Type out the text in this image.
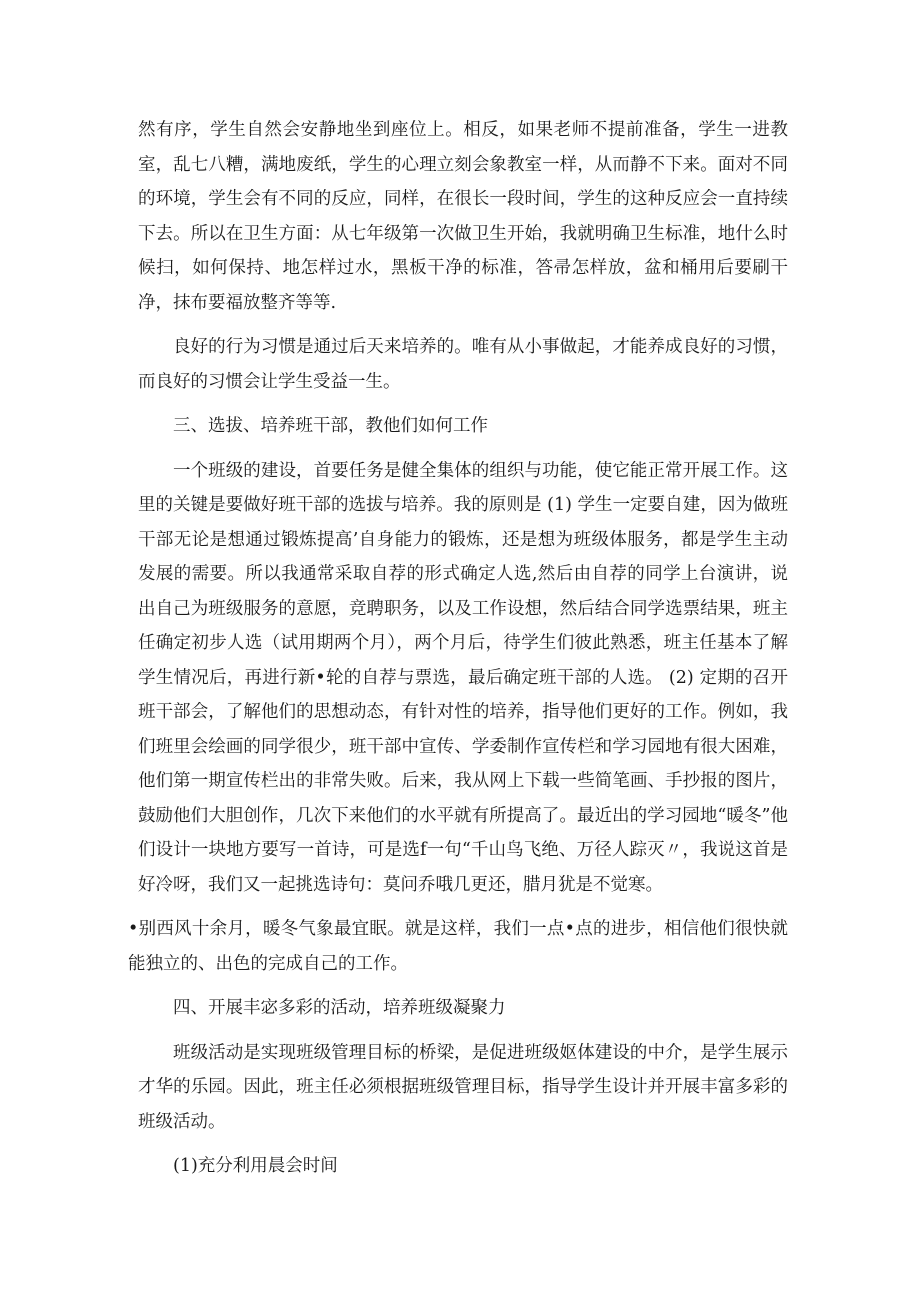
然有序，学生自然会安静地坐到座位上。相反，如果老师不提前准备，学生一进教室，乱七八糟，满地废纸，学生的心理立刻会象教室一样，从而静不下来。面对不同的环境，学生会有不同的反应，同样，在很长一段时间，学生的这种反应会一直持续下去。所以在卫生方面：从七年级第一次做卫生开始，我就明确卫生标准，地什么时候扫，如何保持、地怎样过水，黑板干净的标准，答帚怎样放，盆和桶用后要刷干净，抹布要福放整齐等等.

良好的行为习惯是通过后天来培养的。唯有从小事做起，才能养成良好的习惯，而良好的习惯会让学生受益一生。

三、选拔、培养班干部，教他们如何工作

一个班级的建设，首要任务是健全集体的组织与功能，使它能正常开展工作。这里的关键是要做好班干部的选拔与培养。我的原则是 (1) 学生一定要自建，因为做班干部无论是想通过锻炼提高’自身能力的锻炼，还是想为班级体服务，都是学生主动发展的需要。所以我通常采取自荐的形式确定人选,然后由自荐的同学上台演讲，说出自己为班级服务的意愿，竞聘职务，以及工作设想，然后结合同学选票结果，班主任确定初步人选（试用期两个月），两个月后，待学生们彼此熟悉，班主任基本了解学生情况后，再进行新•轮的自荐与票选，最后确定班干部的人选。 (2) 定期的召开班干部会，了解他们的思想动态，有针对性的培养，指导他们更好的工作。例如，我们班里会绘画的同学很少，班干部中宣传、学委制作宣传栏和学习园地有很大困难，他们第一期宣传栏出的非常失败。后来，我从网上下载一些简笔画、手抄报的图片，鼓励他们大胆创作，几次下来他们的水平就有所提高了。最近出的学习园地“暖冬”他们设计一块地方要写一首诗，可是选f一句“千山鸟飞绝、万径人踪灭〃，我说这首是好冷呀，我们又一起挑选诗句：莫问乔哦几更还，腊月犹是不觉寒。

•别西风十余月，暖冬气象最宜眠。就是这样，我们一点•点的进步，相信他们很快就能独立的、出色的完成自己的工作。

四、开展丰宓多彩的活动，培养班级凝聚力

班级活动是实现班级管理目标的桥梁，是促进班级妪体建设的中介，是学生展示才华的乐园。因此，班主任必须根据班级管理目标，指导学生设计并开展丰富多彩的班级活动。

(1)充分利用晨会时间
